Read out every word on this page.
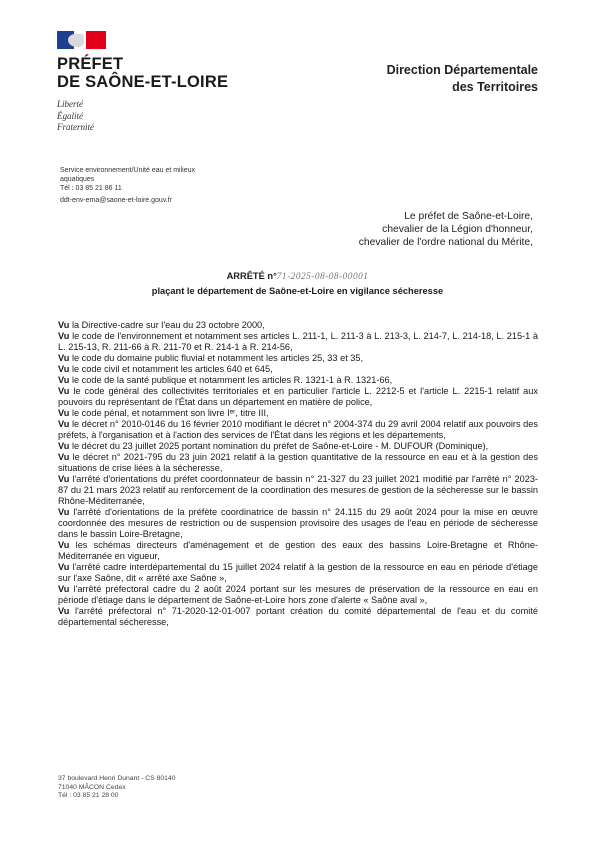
PRÉFET
DE SAÔNE-ET-LOIRE
Liberté
Égalité
Fraternité
Direction Départementale
des Territoires
Service environnement/Unité eau et milieux
aquatiques
Tél : 03 85 21 86 11
ddt-env-ema@saone-et-loire.gouv.fr
Le préfet de Saône-et-Loire,
chevalier de la Légion d'honneur,
chevalier de l'ordre national du Mérite,
ARRÊTÉ n°71-2025-08-08-00001
plaçant le département de Saône-et-Loire en vigilance sécheresse

Vu la Directive-cadre sur l'eau du 23 octobre 2000,

Vu le code de l'environnement et notamment ses articles L. 211-1, L. 211-3 à L. 213-3, L. 214-7, L. 214-18, L. 215-1 à L. 215-13, R. 211-66 à R. 211-70 et R. 214-1 à R. 214-56,

Vu le code du domaine public fluvial et notamment les articles 25, 33 et 35,

Vu le code civil et notamment les articles 640 et 645,

Vu le code de la santé publique et notamment les articles R. 1321-1 à R. 1321-66,

Vu le code général des collectivités territoriales et en particulier l'article L. 2212-5 et l'article L. 2215-1 relatif aux pouvoirs du représentant de l'État dans un département en matière de police,

Vu le code pénal, et notamment son livre Iᵉʳ, titre III,

Vu le décret n° 2010-0146 du 16 février 2010 modifiant le décret n° 2004-374 du 29 avril 2004 relatif aux pouvoirs des préfets, à l'organisation et à l'action des services de l'État dans les régions et les départements,

Vu le décret du 23 juillet 2025 portant nomination du préfet de Saône-et-Loire - M. DUFOUR (Dominique),

Vu le décret n° 2021-795 du 23 juin 2021 relatif à la gestion quantitative de la ressource en eau et à la gestion des situations de crise liées à la sécheresse,

Vu l'arrêté d'orientations du préfet coordonnateur de bassin n° 21-327 du 23 juillet 2021 modifié par l'arrêté n° 2023-87 du 21 mars 2023 relatif au renforcement de la coordination des mesures de gestion de la sécheresse sur le bassin Rhône-Méditerranée,

Vu l'arrêté d'orientations de la préfète coordinatrice de bassin n° 24.115 du 29 août 2024 pour la mise en œuvre coordonnée des mesures de restriction ou de suspension provisoire des usages de l'eau en période de sécheresse dans le bassin Loire-Bretagne,

Vu les schémas directeurs d'aménagement et de gestion des eaux des bassins Loire-Bretagne et Rhône-Méditerranée en vigueur,

Vu l'arrêté cadre interdépartemental du 15 juillet 2024 relatif à la gestion de la ressource en eau en période d'étiage sur l'axe Saône, dit « arrêté axe Saône »,

Vu l'arrêté préfectoral cadre du 2 août 2024 portant sur les mesures de préservation de la ressource en eau en période d'étiage dans le département de Saône-et-Loire hors zone d'alerte « Saône aval »,

Vu l'arrêté préfectoral n° 71-2020-12-01-007 portant création du comité départemental de l'eau et du comité départemental sécheresse,

37 boulevard Henri Dunant - CS 80140
71040 MÂCON Cedex
Tél : 03 85 21 28 00
